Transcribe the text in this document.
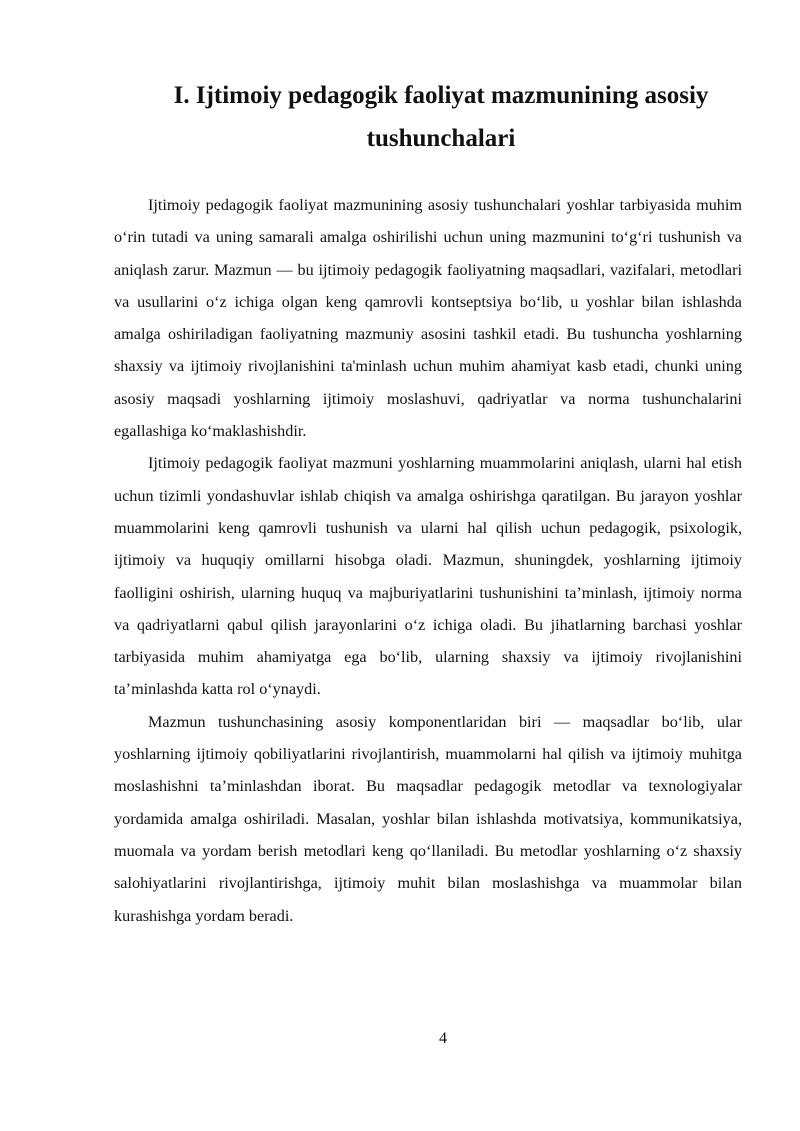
I. Ijtimoiy pedagogik faoliyat mazmunining asosiy tushunchalari

Ijtimoiy pedagogik faoliyat mazmunining asosiy tushunchalari yoshlar tarbiyasida muhim o‘rin tutadi va uning samarali amalga oshirilishi uchun uning mazmunini to‘g‘ri tushunish va aniqlash zarur. Mazmun — bu ijtimoiy pedagogik faoliyatning maqsadlari, vazifalari, metodlari va usullarini o‘z ichiga olgan keng qamrovli kontseptsiya bo‘lib, u yoshlar bilan ishlashda amalga oshiriladigan faoliyatning mazmuniy asosini tashkil etadi. Bu tushuncha yoshlarning shaxsiy va ijtimoiy rivojlanishini ta'minlash uchun muhim ahamiyat kasb etadi, chunki uning asosiy maqsadi yoshlarning ijtimoiy moslashuvi, qadriyatlar va norma tushunchalarini egallashiga ko‘maklashishdir.

Ijtimoiy pedagogik faoliyat mazmuni yoshlarning muammolarini aniqlash, ularni hal etish uchun tizimli yondashuvlar ishlab chiqish va amalga oshirishga qaratilgan. Bu jarayon yoshlar muammolarini keng qamrovli tushunish va ularni hal qilish uchun pedagogik, psixologik, ijtimoiy va huquqiy omillarni hisobga oladi. Mazmun, shuningdek, yoshlarning ijtimoiy faolligini oshirish, ularning huquq va majburiyatlarini tushunishini ta’minlash, ijtimoiy norma va qadriyatlarni qabul qilish jarayonlarini o‘z ichiga oladi. Bu jihatlarning barchasi yoshlar tarbiyasida muhim ahamiyatga ega bo‘lib, ularning shaxsiy va ijtimoiy rivojlanishini ta’minlashda katta rol o‘ynaydi.

Mazmun tushunchasining asosiy komponentlaridan biri — maqsadlar bo‘lib, ular yoshlarning ijtimoiy qobiliyatlarini rivojlantirish, muammolarni hal qilish va ijtimoiy muhitga moslashishni ta’minlashdan iborat. Bu maqsadlar pedagogik metodlar va texnologiyalar yordamida amalga oshiriladi. Masalan, yoshlar bilan ishlashda motivatsiya, kommunikatsiya, muomala va yordam berish metodlari keng qo‘llaniladi. Bu metodlar yoshlarning o‘z shaxsiy salohiyatlarini rivojlantirishga, ijtimoiy muhit bilan moslashishga va muammolar bilan kurashishga yordam beradi.

4
